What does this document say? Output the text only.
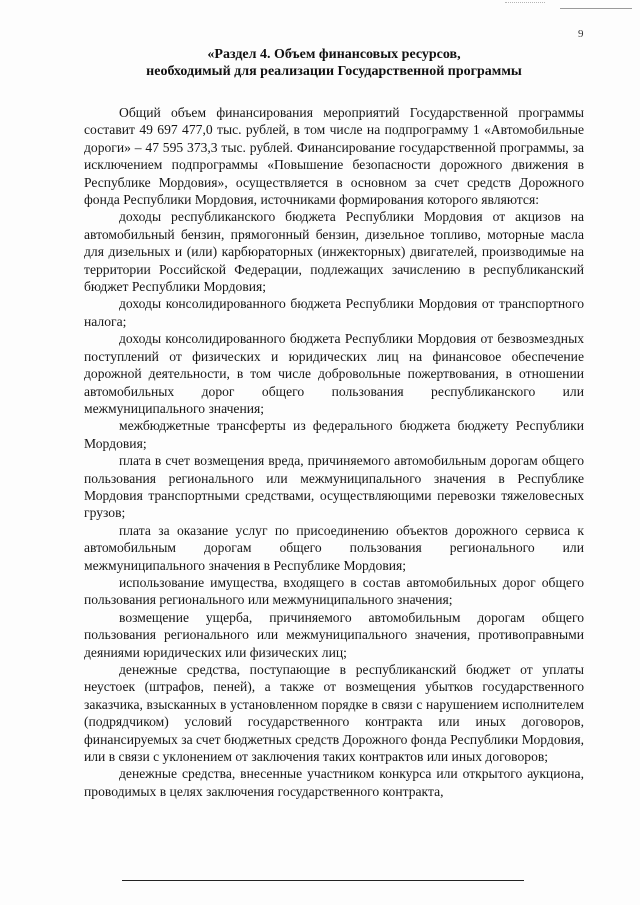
9
«Раздел 4. Объем финансовых ресурсов,
необходимый для реализации Государственной программы

Общий объем финансирования мероприятий Государственной программы составит 49 697 477,0 тыс. рублей, в том числе на подпрограмму 1 «Автомобильные дороги» – 47 595 373,3 тыс. рублей. Финансирование государственной программы, за исключением подпрограммы «Повышение безопасности дорожного движения в Республике Мордовия», осуществляется в основном за счет средств Дорожного фонда Республики Мордовия, источниками формирования которого являются:

доходы республиканского бюджета Республики Мордовия от акцизов на автомобильный бензин, прямогонный бензин, дизельное топливо, моторные масла для дизельных и (или) карбюраторных (инжекторных) двигателей, производимые на территории Российской Федерации, подлежащих зачислению в республиканский бюджет Республики Мордовия;

доходы консолидированного бюджета Республики Мордовия от транспортного налога;

доходы консолидированного бюджета Республики Мордовия от безвозмездных поступлений от физических и юридических лиц на финансовое обеспечение дорожной деятельности, в том числе добровольные пожертвования, в отношении автомобильных дорог общего пользования республиканского или межмуниципального значения;

межбюджетные трансферты из федерального бюджета бюджету Республики Мордовия;

плата в счет возмещения вреда, причиняемого автомобильным дорогам общего пользования регионального или межмуниципального значения в Республике Мордовия транспортными средствами, осуществляющими перевозки тяжеловесных грузов;

плата за оказание услуг по присоединению объектов дорожного сервиса к автомобильным дорогам общего пользования регионального или межмуниципального значения в Республике Мордовия;

использование имущества, входящего в состав автомобильных дорог общего пользования регионального или межмуниципального значения;

возмещение ущерба, причиняемого автомобильным дорогам общего пользования регионального или межмуниципального значения, противоправными деяниями юридических или физических лиц;

денежные средства, поступающие в республиканский бюджет от уплаты неустоек (штрафов, пеней), а также от возмещения убытков государственного заказчика, взысканных в установленном порядке в связи с нарушением исполнителем (подрядчиком) условий государственного контракта или иных договоров, финансируемых за счет бюджетных средств Дорожного фонда Республики Мордовия, или в связи с уклонением от заключения таких контрактов или иных договоров;

денежные средства, внесенные участником конкурса или открытого аукциона, проводимых в целях заключения государственного контракта,
